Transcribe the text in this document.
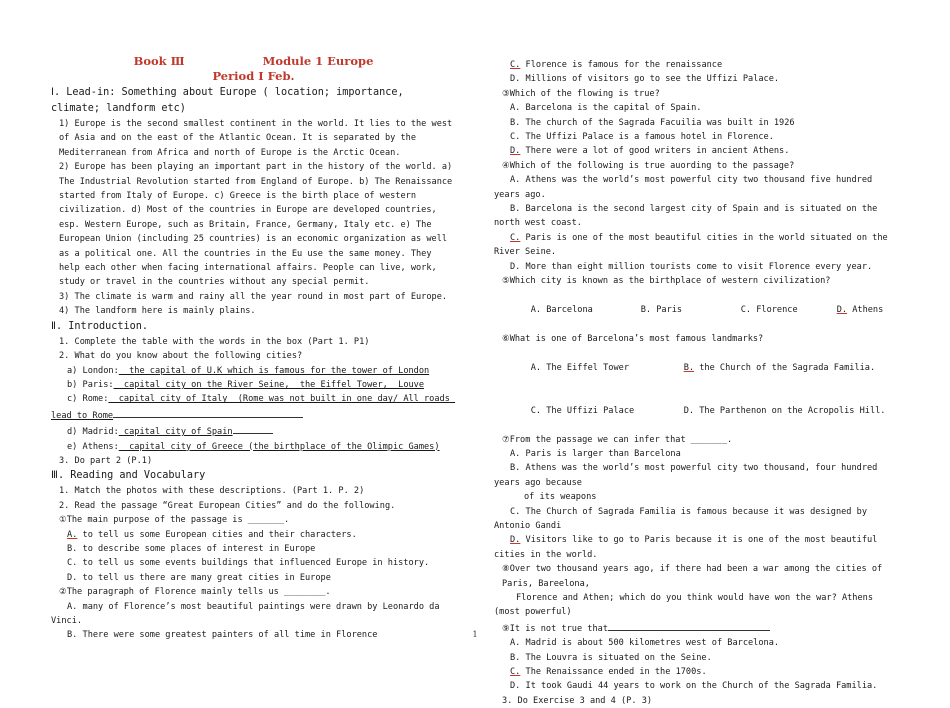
Book Ⅲ	Module 1 Europe
Period Ⅰ Feb.
Ⅰ. Lead-in: Something about Europe ( location; importance, climate; landform etc)
1) Europe is the second smallest continent in the world. It lies to the west of Asia and on the east of the Atlantic Ocean. It is separated by the Mediterranean from Africa and north of Europe is the Arctic Ocean.
2) Europe has been playing an important part in the history of the world. a) The Industrial Revolution started from England of Europe. b) The Renaissance started from Italy of Europe. c) Greece is the birth place of western civilization. d) Most of the countries in Europe are developed countries, esp. Western Europe, such as Britain, France, Germany, Italy etc. e) The European Union (including 25 countries) is an economic organization as well as a political one. All the countries in the Eu use the same money. They help each other when facing international affairs. People can live, work, study or travel in the countries without any special permit.
3) The climate is warm and rainy all the year round in most part of Europe.
4) The landform here is mainly plains.
Ⅱ. Introduction.
1. Complete the table with the words in the box (Part 1. P1)
2. What do you know about the following cities?
a) London:  the capital of U.K which is famous for the tower of London
b) Paris:  capital city on the River Seine,  the Eiffel Tower,  Louve
c) Rome:  capital city of Italy  (Rome was not built in one day/ All roads lead to Rome
d) Madrid: capital city of Spain
e) Athens:  capital city of Greece (the birthplace of the Olimpic Games)
3. Do part 2 (P.1)
Ⅲ. Reading and Vocabulary
1. Match the photos with these descriptions. (Part 1. P. 2)
2. Read the passage “Great European Cities” and do the following.
①The main purpose of the passage is _______.
A. to tell us some European cities and their characters.
B. to describe some places of interest in Europe
C. to tell us some events buildings that influenced Europe in history.
D. to tell us there are many great cities in Europe
②The paragraph of Florence mainly tells us ________.
A. many of Florence’s most beautiful paintings were drawn by Leonardo da Vinci.
B. There were some greatest painters of all time in Florence
C. Florence is famous for the renaissance
D. Millions of visitors go to see the Uffizi Palace.
③Which of the flowing is true?
A. Barcelona is the capital of Spain.
B. The church of the Sagrada Facuilia was built in 1926
C. The Uffizi Palace is a famous hotel in Florence.
D. There were a lot of good writers in ancient Athens.
④Which of the following is true auording to the passage?
A. Athens was the world’s most powerful city two thousand five hundred years ago.
B. Barcelona is the second largest city of Spain and is situated on the north west coast.
C. Paris is one of the most beautiful cities in the world situated on the River Seine.
D. More than eight million tourists come to visit Florence every year.
⑤Which city is known as the birthplace of western civilization?

A. Barcelona	B. Paris	C. Florence	D. Athens

⑥What is one of Barcelona’s most famous landmarks?

A. The Eiffel Tower	B. the Church of the Sagrada Familia.

C. The Uffizi Palace	D. The Parthenon on the Acropolis Hill.

⑦From the passage we can infer that _______.
A. Paris is larger than Barcelona
B. Athens was the world’s most powerful city two thousand, four hundred years ago because
of its weapons
C. The Church of Sagrada Familia is famous because it was designed by Antonio Gandi
D. Visitors like to go to Paris because it is one of the most beautiful cities in the world.
⑧Over two thousand years ago, if there had been a war among the cities of Paris, Bareelona,
Florence and Athen; which do you think would have won the war? Athens (most powerful)
⑨It is not true that
A. Madrid is about 500 kilometres west of Barcelona.
B. The Louvra is situated on the Seine.
C. The Renaissance ended in the 1700s.
D. It took Gaudi 44 years to work on the Church of the Sagrada Familia.
3. Do Exercise 3 and 4 (P. 3)
1
